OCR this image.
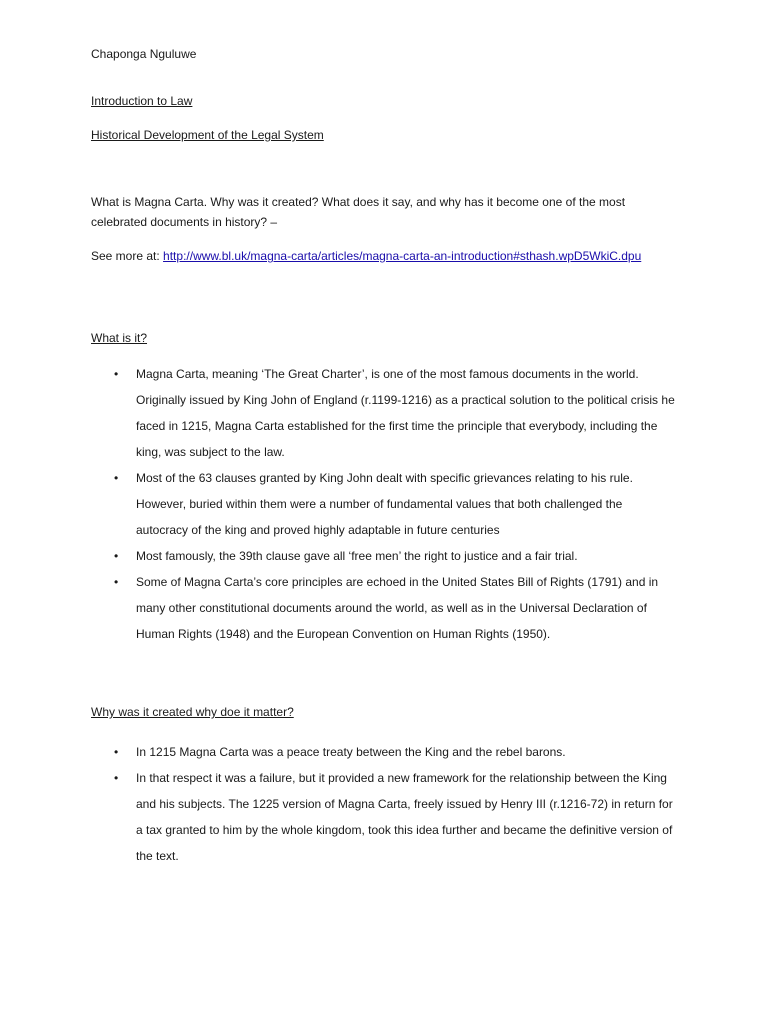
Chaponga Nguluwe
Introduction to Law
Historical Development of the Legal System
What is Magna Carta. Why was it created? What does it say, and why has it become one of the most celebrated documents in history? –
See more at: http://www.bl.uk/magna-carta/articles/magna-carta-an-introduction#sthash.wpD5WkiC.dpu
What is it?
• Magna Carta, meaning ‘The Great Charter’, is one of the most famous documents in the world. Originally issued by King John of England (r.1199-1216) as a practical solution to the political crisis he faced in 1215, Magna Carta established for the first time the principle that everybody, including the king, was subject to the law.
• Most of the 63 clauses granted by King John dealt with specific grievances relating to his rule. However, buried within them were a number of fundamental values that both challenged the autocracy of the king and proved highly adaptable in future centuries
• Most famously, the 39th clause gave all ‘free men’ the right to justice and a fair trial.
• Some of Magna Carta’s core principles are echoed in the United States Bill of Rights (1791) and in many other constitutional documents around the world, as well as in the Universal Declaration of Human Rights (1948) and the European Convention on Human Rights (1950).
Why was it created why doe it matter?
• In 1215 Magna Carta was a peace treaty between the King and the rebel barons.
• In that respect it was a failure, but it provided a new framework for the relationship between the King and his subjects. The 1225 version of Magna Carta, freely issued by Henry III (r.1216-72) in return for a tax granted to him by the whole kingdom, took this idea further and became the definitive version of the text.
